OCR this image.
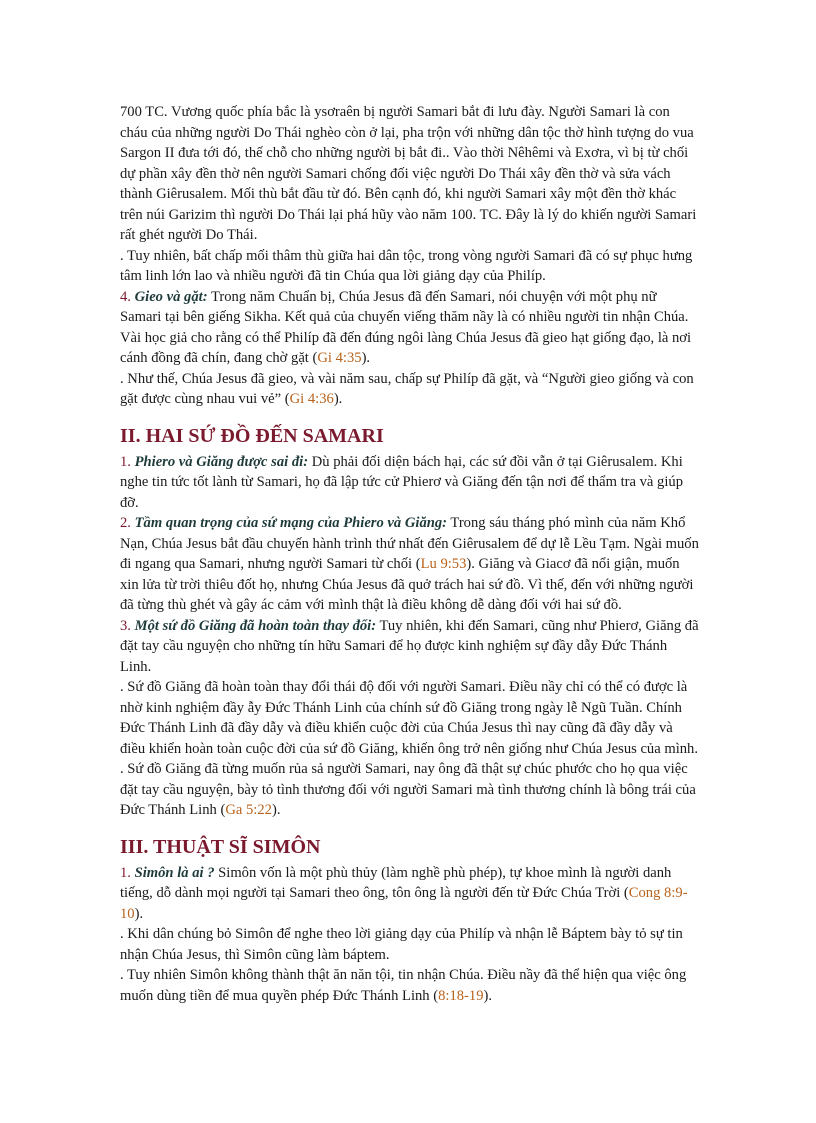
700 TC. Vương quốc phía bắc là ysơraên bị người Samari bắt đi lưu đày. Người Samari là con cháu của những người Do Thái nghèo còn ở lại, pha trộn với những dân tộc thờ hình tượng do vua Sargon II đưa tới đó, thế chỗ cho những người bị bắt đi.. Vào thời Nêhêmi và Exơra, vì bị từ chối dự phần xây đền thờ nên người Samari chống đối việc người Do Thái xây đền thờ và sửa vách thành Giêrusalem. Mối thù bắt đầu từ đó. Bên cạnh đó, khi người Samari xây một đền thờ khác trên núi Garizim thì người Do Thái lại phá hũy vào năm 100. TC. Đây là lý do khiến người Samari rất ghét người Do Thái.

. Tuy nhiên, bất chấp mối thâm thù giữa hai dân tộc, trong vòng người Samari đã có sự phục hưng tâm linh lớn lao và nhiều người đã tin Chúa qua lời giảng dạy của Philíp.

4. Gieo và gặt: Trong năm Chuẩn bị, Chúa Jesus đã đến Samari, nói chuyện với một phụ nữ Samari tại bên giếng Sikha. Kết quả của chuyến viếng thăm nầy là có nhiều người tin nhận Chúa. Vài học giả cho rằng có thể Philíp đã đến đúng ngôi làng Chúa Jesus đã gieo hạt giống đạo, là nơi cánh đồng đã chín, đang chờ gặt (Gi 4:35).

. Như thế, Chúa Jesus đã gieo, và vài năm sau, chấp sự Philíp đã gặt, và “Người gieo giống và con gặt được cùng nhau vui vẻ” (Gi 4:36).

II. HAI SỨ ĐỒ ĐẾN SAMARI

1. Phiero và Giăng được sai đi: Dù phải đối diện bách hại, các sứ đồi vẫn ở tại Giêrusalem. Khi nghe tin tức tốt lành từ Samari, họ đã lập tức cử Phierơ và Giăng đến tận nơi để thẩm tra và giúp đỡ.

2. Tầm quan trọng của sứ mạng của Phiero và Giăng: Trong sáu tháng phó mình của năm Khổ Nạn, Chúa Jesus bắt đầu chuyến hành trình thứ nhất đến Giêrusalem để dự lễ Lều Tạm. Ngài muốn đi ngang qua Samari, nhưng người Samari từ chối (Lu 9:53). Giăng và Giacơ đã nổi giận, muốn xin lửa từ trời thiêu đốt họ, nhưng Chúa Jesus đã quở trách hai sứ đồ. Vì thế, đến với những người đã từng thù ghét và gây ác cảm với mình thật là điều không dễ dàng đối với hai sứ đồ.

3. Một sứ đồ Giăng đã hoàn toàn thay đổi: Tuy nhiên, khi đến Samari, cũng như Phierơ, Giăng đã đặt tay cầu nguyện cho những tín hữu Samari để họ được kinh nghiệm sự đầy dẫy Đức Thánh Linh.

. Sứ đồ Giăng đã hoàn toàn thay đổi thái độ đối với người Samari. Điều nầy chỉ có thể có được là nhờ kinh nghiệm đầy ẫy Đức Thánh Linh của chính sứ đồ Giăng trong ngày lễ Ngũ Tuần. Chính Đức Thánh Linh đã đầy dẫy và điều khiển cuộc đời của Chúa Jesus thì nay cũng đã đầy dẫy và điều khiển hoàn toàn cuộc đời của sứ đồ Giăng, khiến ông trở nên giống như Chúa Jesus của mình.

. Sứ đồ Giăng đã từng muốn rủa sả người Samari, nay ông đã thật sự chúc phước cho họ qua việc đặt tay cầu nguyện, bày tỏ tình thương đối với người Samari mà tình thương chính là bông trái của Đức Thánh Linh (Ga 5:22).

III. THUẬT SĨ SIMÔN

1. Simôn là ai ? Simôn vốn là một phù thủy (làm nghề phù phép), tự khoe mình là người danh tiếng, dỗ dành mọi người tại Samari theo ông, tôn ông là người đến từ Đức Chúa Trời (Cong 8:9-10).

. Khi dân chúng bỏ Simôn để nghe theo lời giảng dạy của Philíp và nhận lễ Báptem bày tỏ sự tin nhận Chúa Jesus, thì Simôn cũng làm báptem.

. Tuy nhiên Simôn không thành thật ăn năn tội, tin nhận Chúa. Điều nầy đã thể hiện qua việc ông muốn dùng tiền để mua quyền phép Đức Thánh Linh (8:18-19).
